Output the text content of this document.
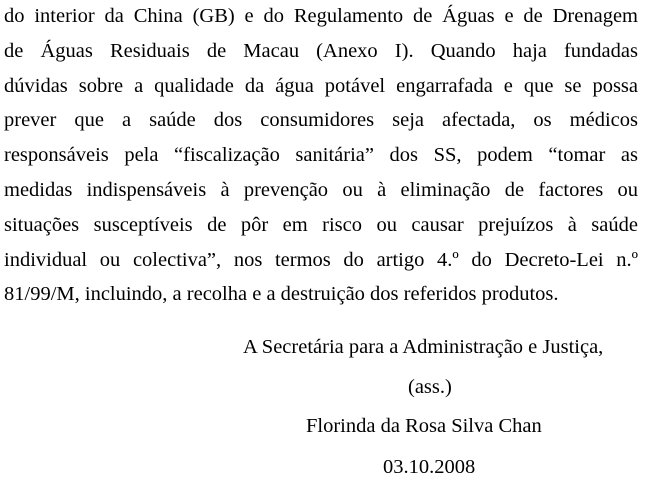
do interior da China (GB) e do Regulamento de Águas e de Drenagem
de Águas Residuais de Macau (Anexo I). Quando haja fundadas
dúvidas sobre a qualidade da água potável engarrafada e que se possa
prever que a saúde dos consumidores seja afectada, os médicos
responsáveis pela “fiscalização sanitária” dos SS, podem “tomar as
medidas indispensáveis à prevenção ou à eliminação de factores ou
situações susceptíveis de pôr em risco ou causar prejuízos à saúde
individual ou colectiva”, nos termos do artigo 4.º do Decreto-Lei n.º
81/99/M, incluindo, a recolha e a destruição dos referidos produtos.
A Secretária para a Administração e Justiça,
(ass.)
Florinda da Rosa Silva Chan
03.10.2008
